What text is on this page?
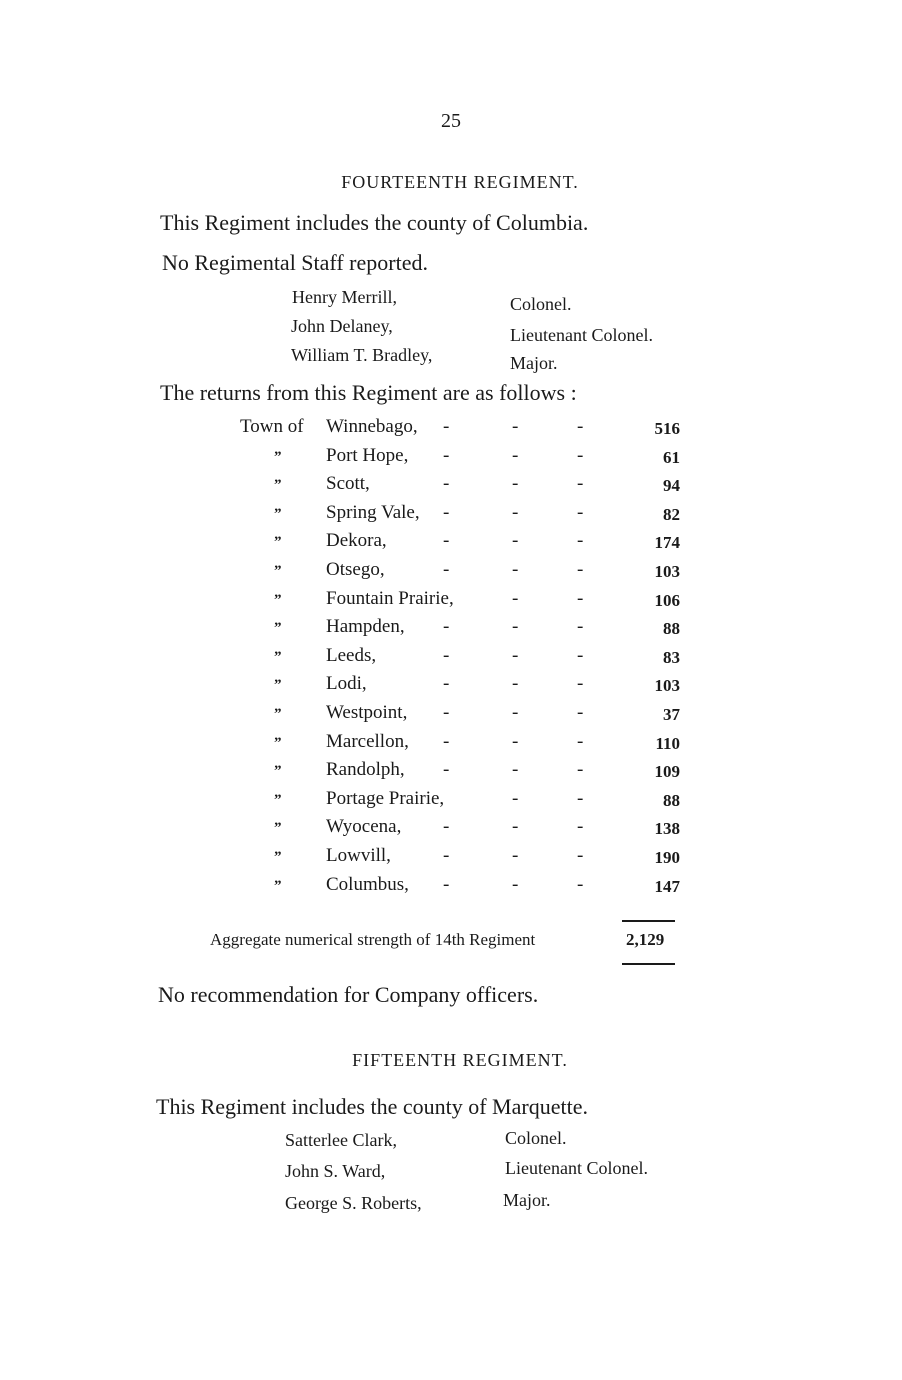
25
FOURTEENTH REGIMENT.
This Regiment includes the county of Columbia.
No Regimental Staff reported.
Henry Merrill,	Colonel.
John Delaney,	Lieutenant Colonel.
William T. Bradley,	Major.
The returns from this Regiment are as follows :
Town of Winnebago, -	-	-	516
” Port Hope, -	-	-	61
” Scott,	-	-	-	94
” Spring Vale, -	-	-	82
” Dekora,	-	-	-	174
” Otsego,	-	-	-	103
” Fountain Prairie,	-	-	106
” Hampden, -	-	-	88
” Leeds,	-	-	-	83
” Lodi,	-	-	-	103
” Westpoint, -	-	-	37
” Marcellon, -	-	-	110
” Randolph, -	-	-	109
” Portage Prairie,	-	-	88
” Wyocena, -	-	-	138
” Lowvill,	-	-	-	190
” Columbus, -	-	-	147
Aggregate numerical strength of 14th Regiment	2,129
No recommendation for Company officers.
FIFTEENTH REGIMENT.
This Regiment includes the county of Marquette.
Satterlee Clark,	Colonel.
John S. Ward,	Lieutenant Colonel.
George S. Roberts,	Major.
